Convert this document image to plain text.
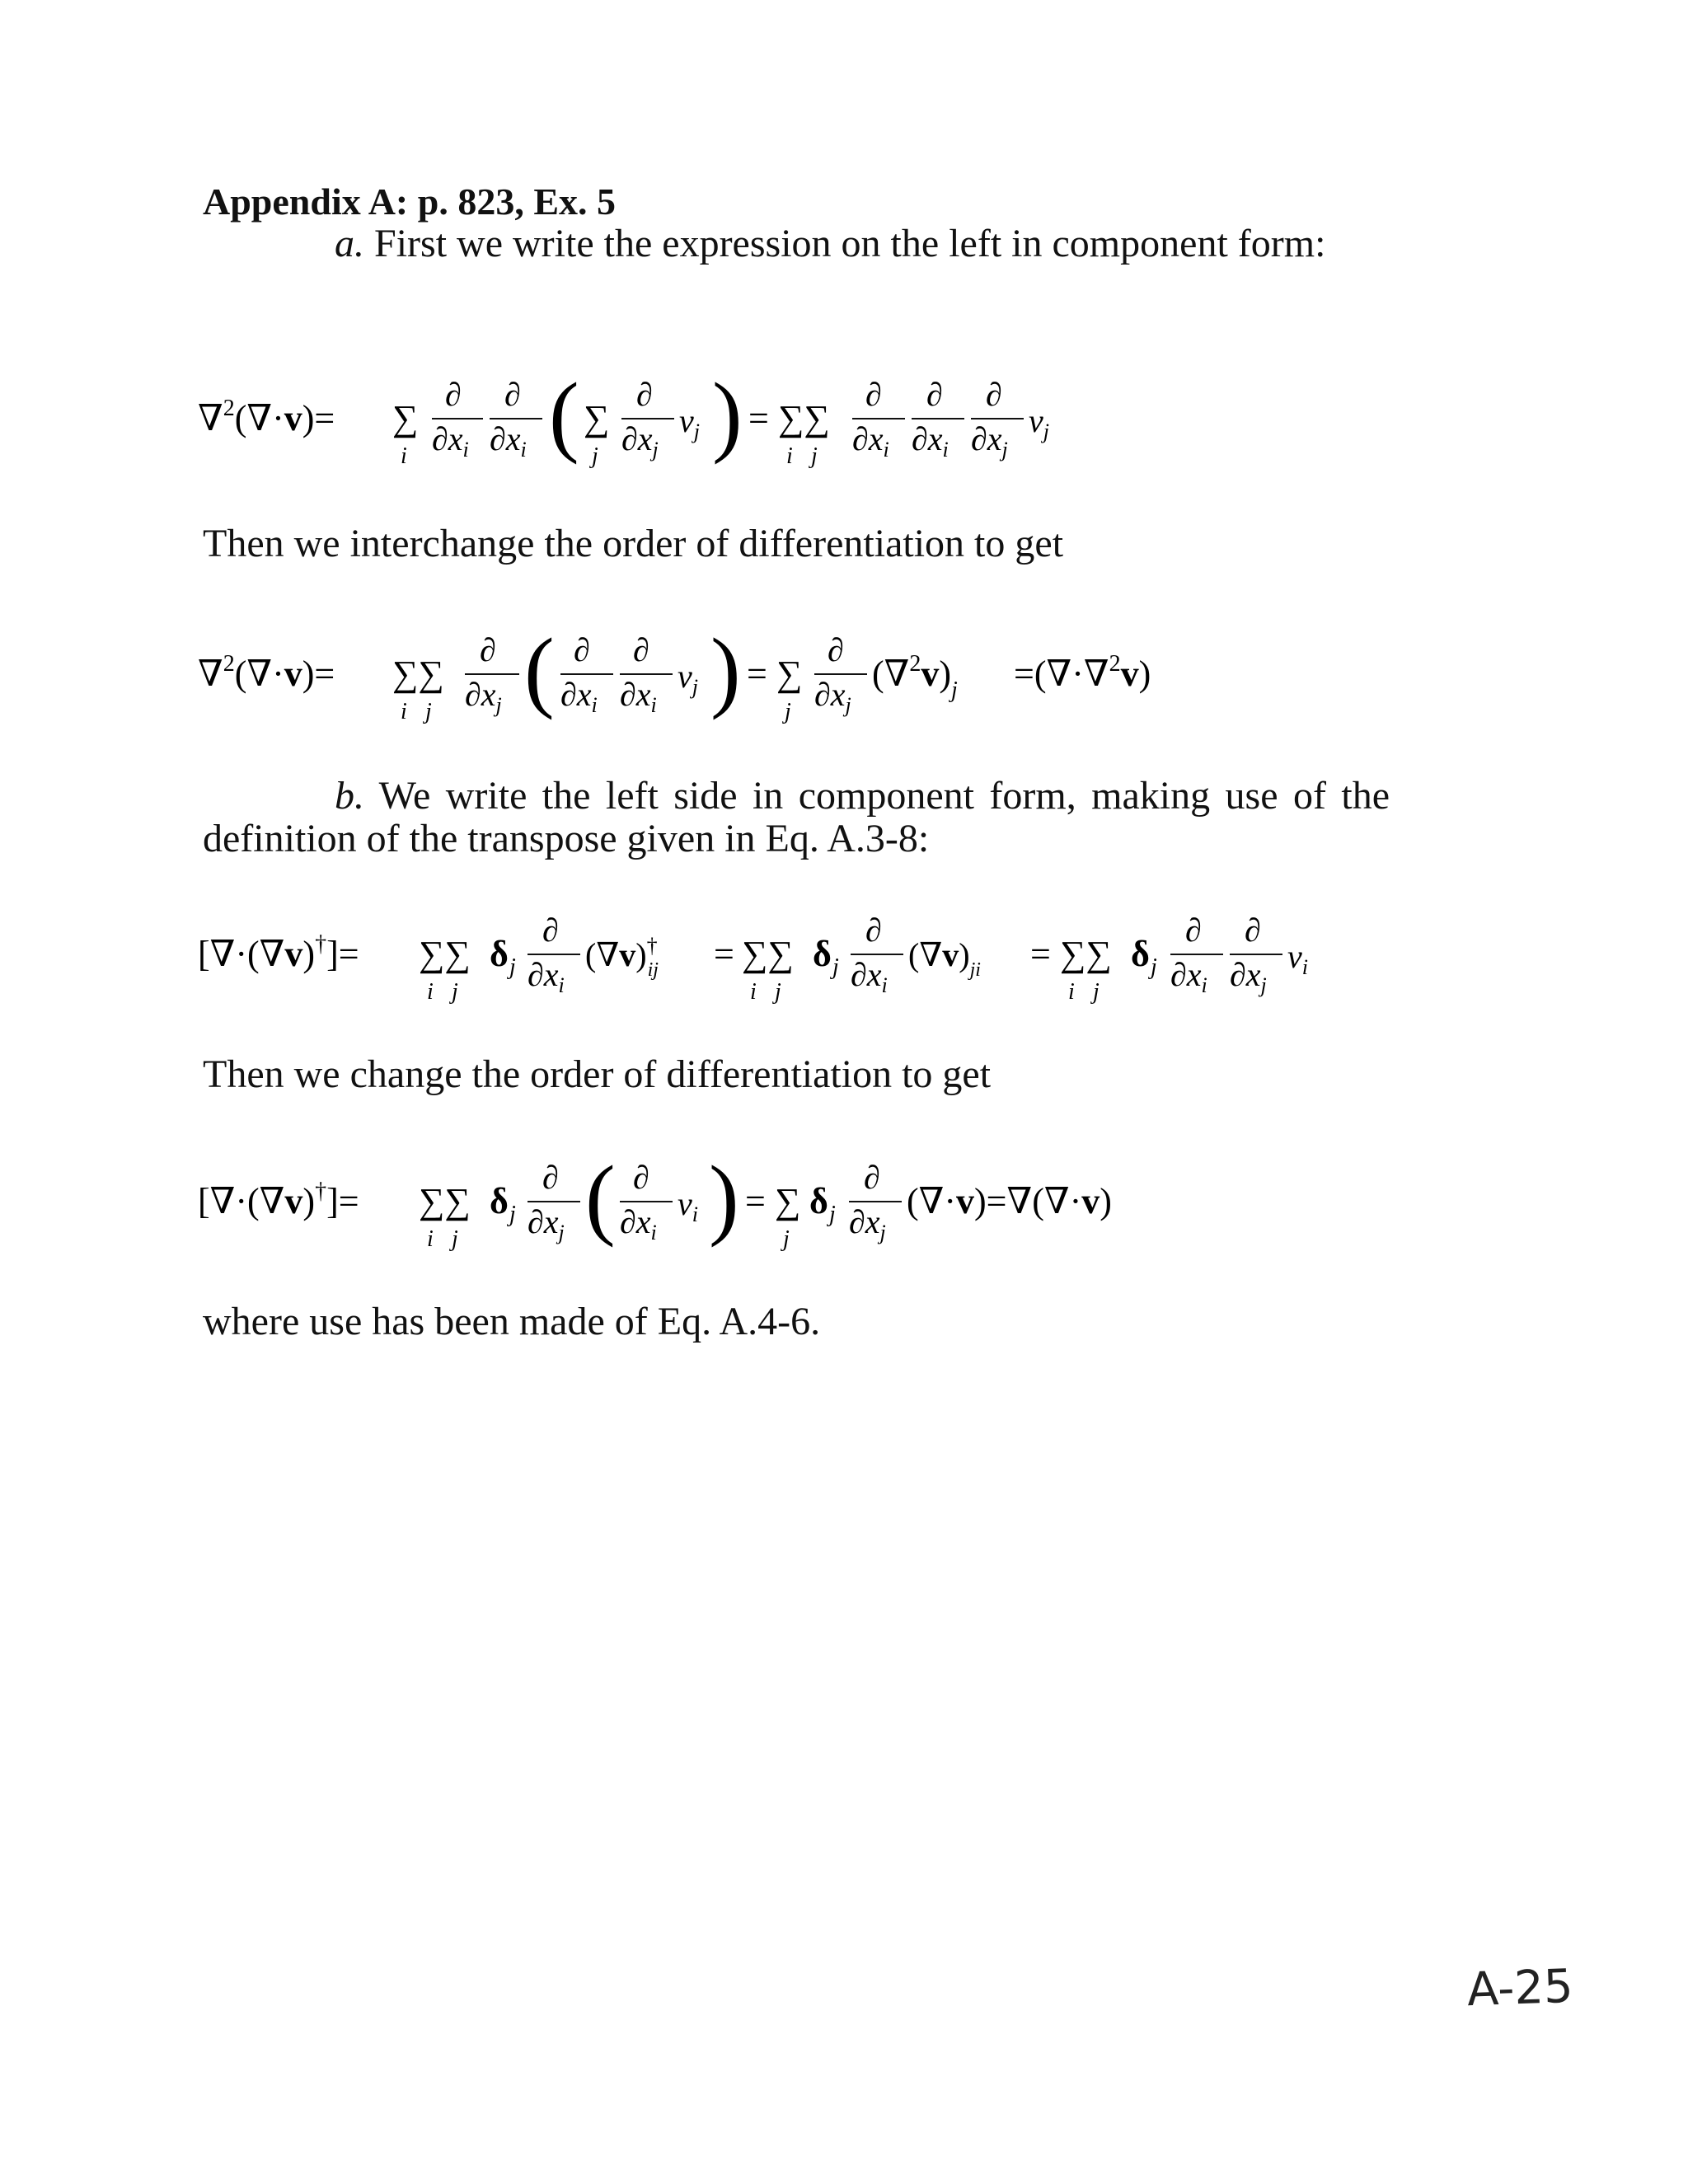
Appendix A: p. 823, Ex. 5
a. First we write the expression on the left in component form:
∇$^2$(∇·v)= ∑
i
∂
$\partial x_i$
∂
$\partial x_i$ ( ∑
j
∂
$\partial x_j$
$v_j$ ) = ∑∑
i j
∂
$\partial x_i$
∂
$\partial x_i$
∂
$\partial x_j$
$v_j$
Then we interchange the order of differentiation to get
∇$^2$(∇·v)= ∑∑
i j
∂
$\partial x_j$ ( ∂
$\partial x_i$
∂
$\partial x_i$
$v_j$ ) = ∑
j
∂
$\partial x_j$
$(\nabla^2v)_j =(\nabla\cdot\nabla^2v)$
b. We write the left side in component form, making use of the definition of the transpose given in Eq. A.3-8:
[∇·(∇v)†]= ∑∑
i j
δ j
∂
$\partial x_i$
(∇v)† ij = ∑∑
i j
δ j
∂
$\partial x_i$
$(\nabla v)_{ji}$ = ∑∑
i j
δ j
∂
$\partial x_i$
∂
$\partial x_j$
$v_i$
Then we change the order of differentiation to get
[∇·(∇v)†]= ∑∑
i j
δ j
∂
$\partial x_j$ ( ∂
$\partial x_i$
$v_i$ ) = ∑
j
δ j
∂
$\partial x_j$
(∇·v)=∇(∇·v)
where use has been made of Eq. A.4-6.
A-25
